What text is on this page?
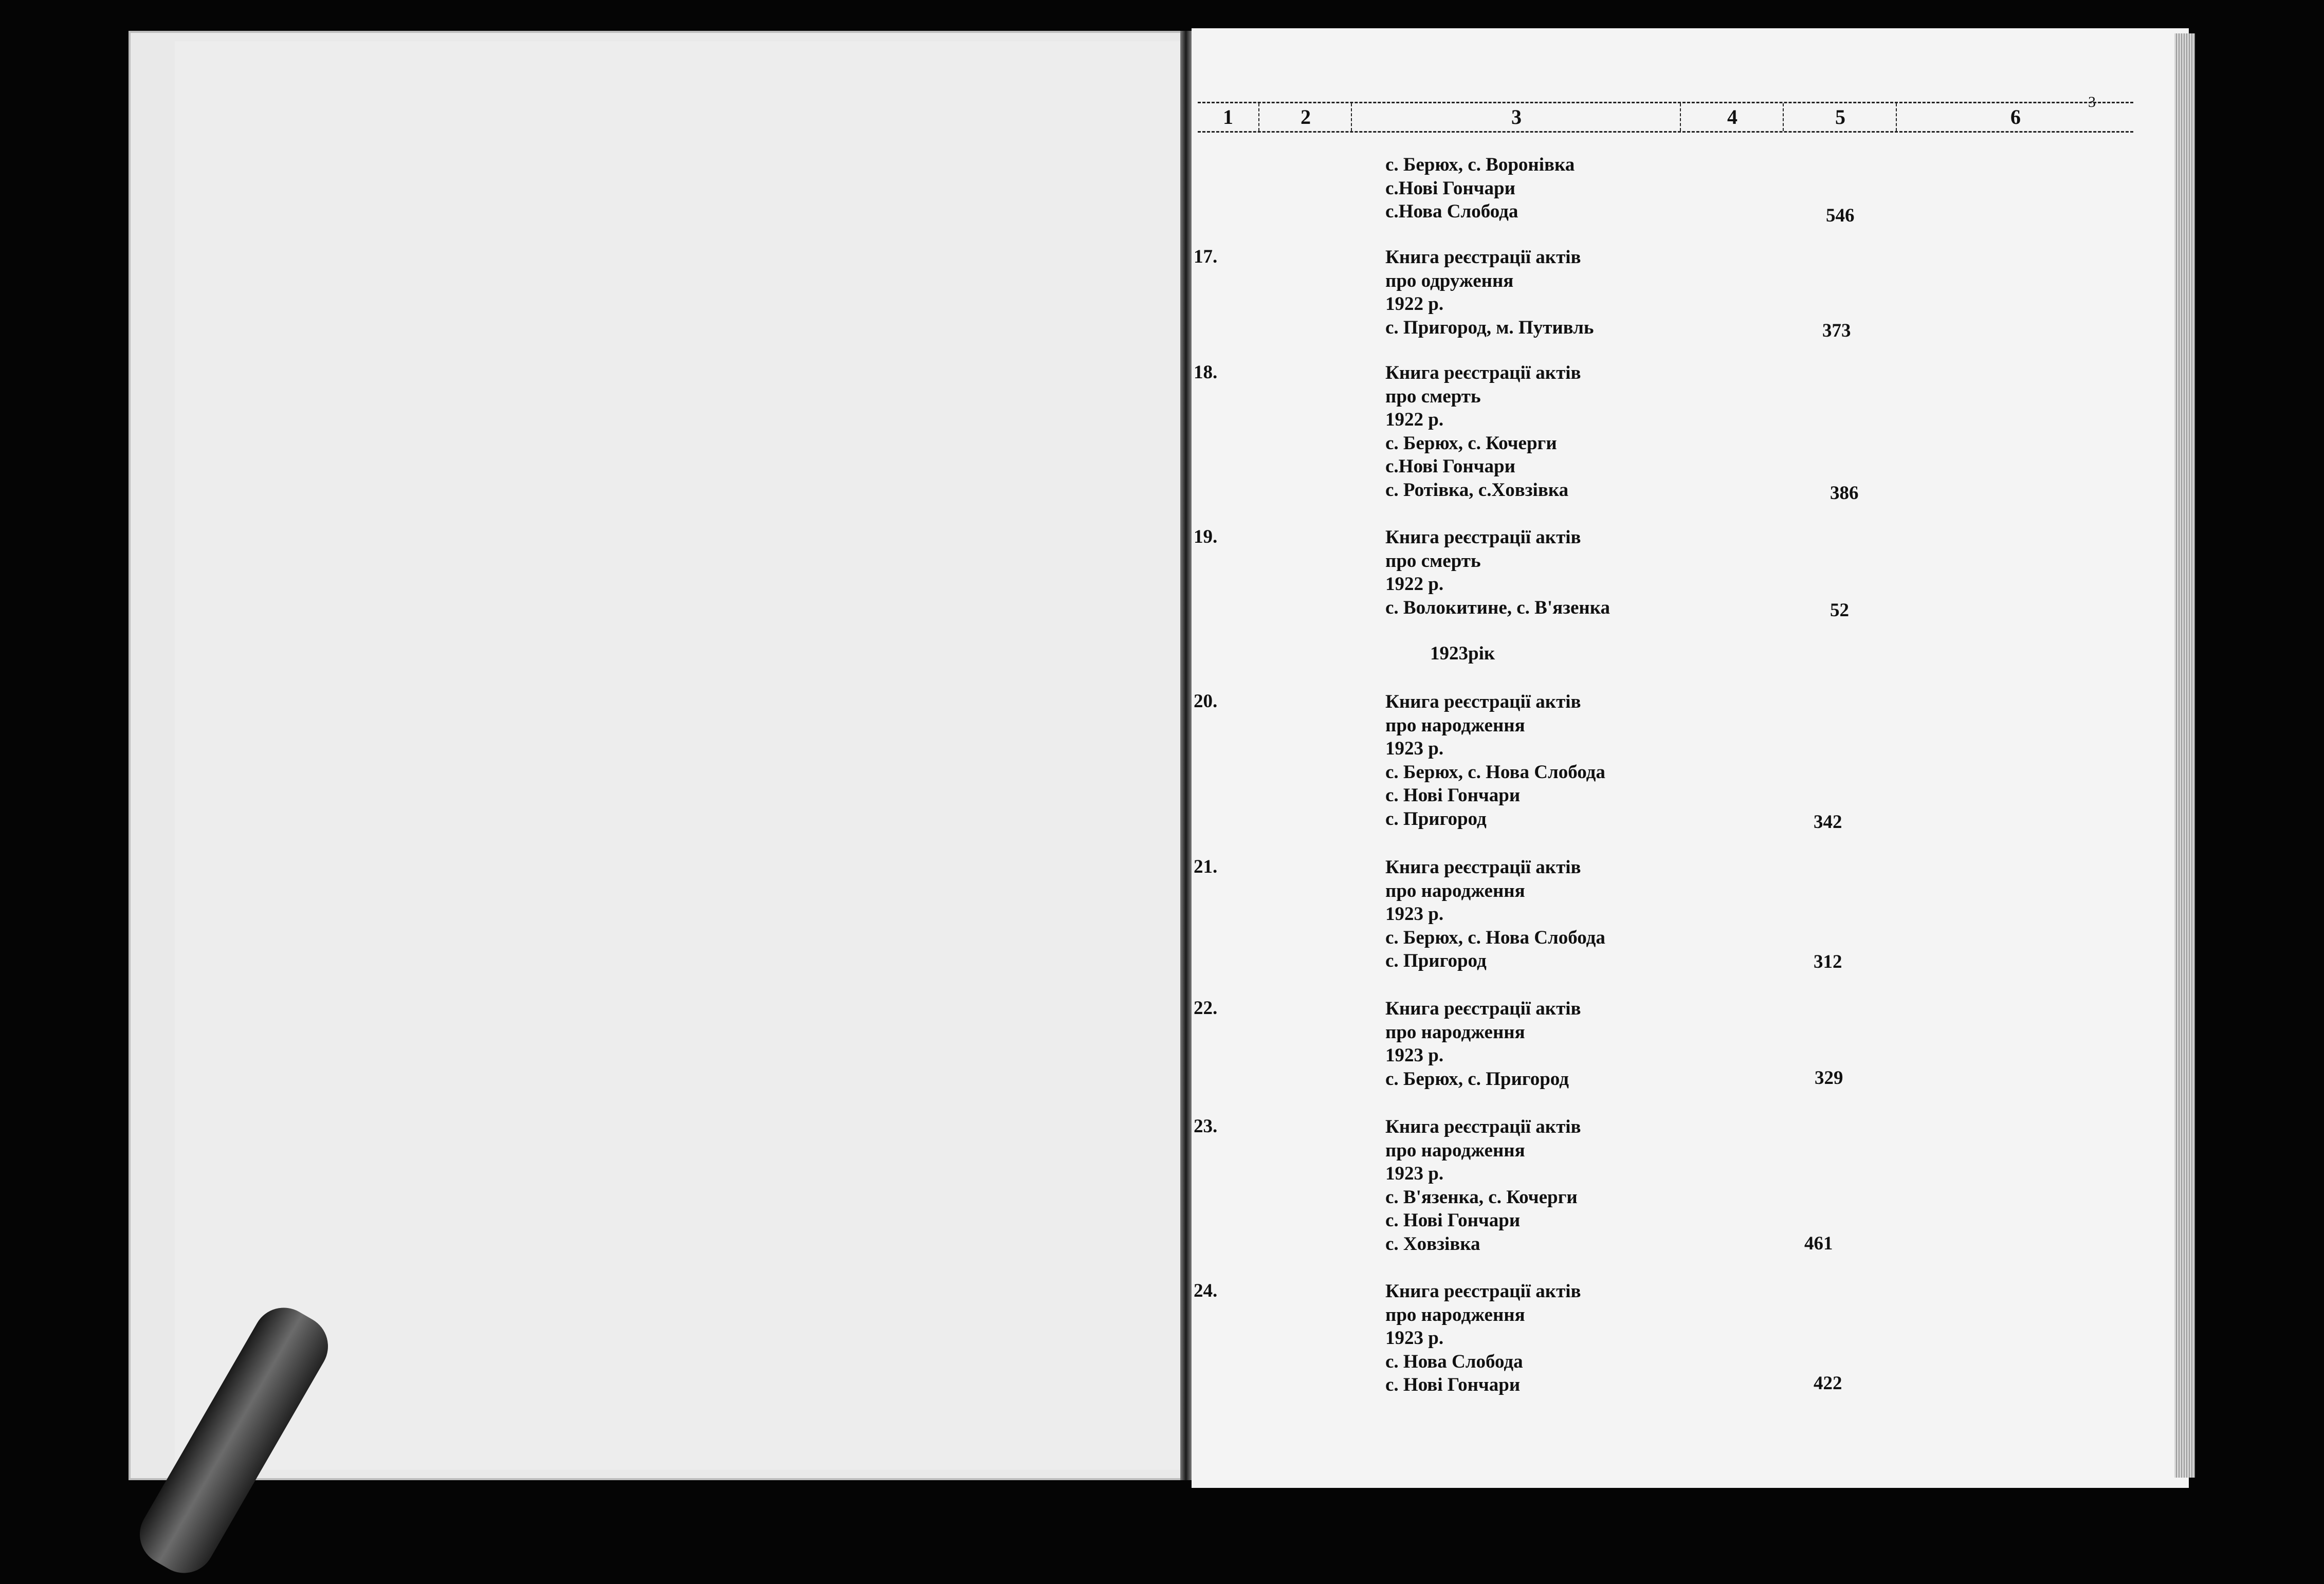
3
1	2	3	4	5	6
с. Берюх, с. Воронівка
с.Нові Гончари
с.Нова Слобода	546
17.	Книга реєстрації актів
про одруження
1922 р.
с. Пригород, м. Путивль	373
18.	Книга реєстрації актів
про смерть
1922 р.
с. Берюх, с. Кочерги
с.Нові Гончари
с. Ротівка, с.Хoвзівка	386
19.	Книга реєстрації актів
про смерть
1922 р.
с. Волокитине, с. В'язенка	52
1923рік
20.	Книга реєстрації актів
про народження
1923 р.
с. Берюх, с. Нова Слобода
с. Нові Гончари
с. Пригород	342
21.	Книга реєстрації актів
про народження
1923 р.
с. Берюх, с. Нова Слобода
с. Пригород	312
22.	Книга реєстрації актів
про народження
1923 р.
с. Берюх, с. Пригород	329
23.	Книга реєстрації актів
про народження
1923 р.
с. В'язенка, с. Кочерги
с. Нові Гончари
с. Хoвзівка	461
24.	Книга реєстрації актів
про народження
1923 р.
с. Нова Слобода
с. Нові Гончари	422
